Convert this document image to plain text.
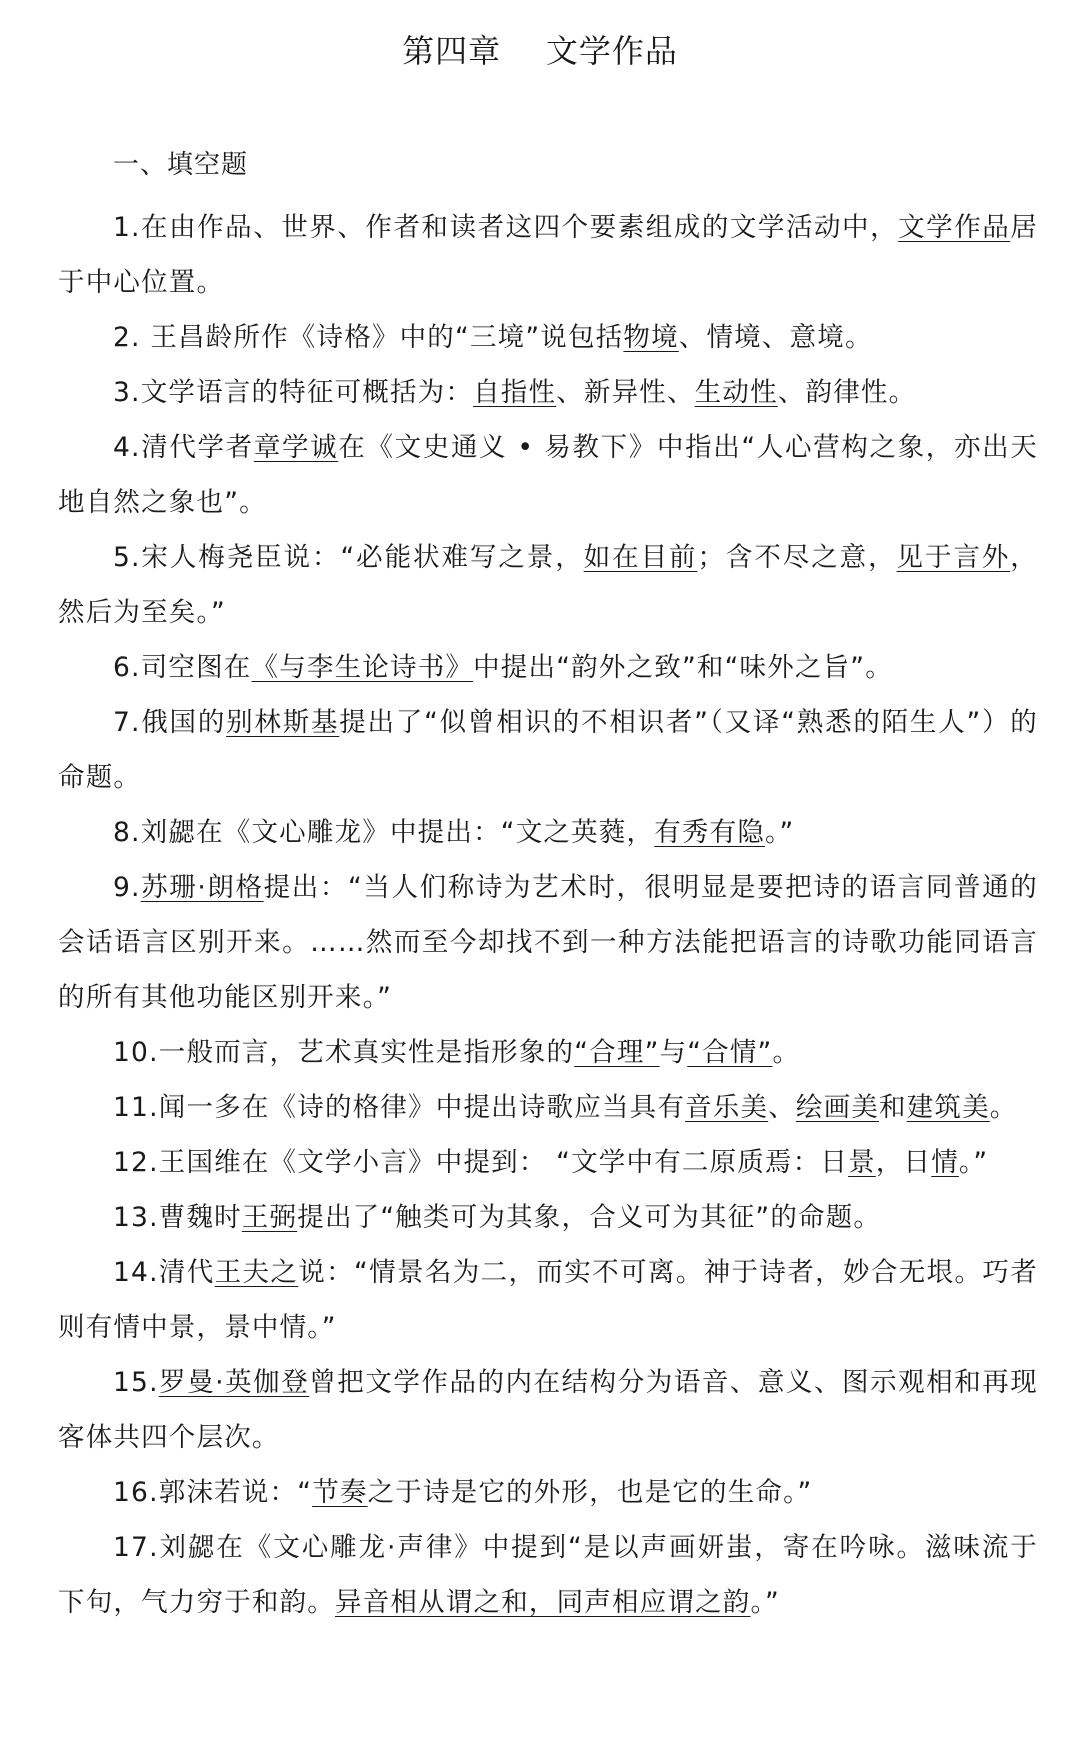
第四章    文学作品
一、填空题

1.在由作品、世界、作者和读者这四个要素组成的文学活动中，文学作品居于中心位置。

2. 王昌龄所作《诗格》中的“三境”说包括物境、情境、意境。

3.文学语言的特征可概括为：自指性、新异性、生动性、韵律性。

4.清代学者章学诚在《文史通义 • 易教下》中指出“人心营构之象，亦出天地自然之象也”。

5.宋人梅尧臣说：“必能状难写之景，如在目前；含不尽之意，见于言外，然后为至矣。”

6.司空图在《与李生论诗书》中提出“韵外之致”和“味外之旨”。

7.俄国的别林斯基提出了“似曾相识的不相识者”（又译“熟悉的陌生人”）的命题。

8.刘勰在《文心雕龙》中提出：“文之英蕤，有秀有隐。”

9.苏珊·朗格提出：“当人们称诗为艺术时，很明显是要把诗的语言同普通的会话语言区别开来。……然而至今却找不到一种方法能把语言的诗歌功能同语言的所有其他功能区别开来。”

10.一般而言，艺术真实性是指形象的“合理”与“合情”。

11.闻一多在《诗的格律》中提出诗歌应当具有音乐美、绘画美和建筑美。

12.王国维在《文学小言》中提到： “文学中有二原质焉：日景，日情。”

13.曹魏时王弼提出了“触类可为其象，合义可为其征”的命题。

14.清代王夫之说：“情景名为二，而实不可离。神于诗者，妙合无垠。巧者则有情中景，景中情。”

15.罗曼·英伽登曾把文学作品的内在结构分为语音、意义、图示观相和再现客体共四个层次。

16.郭沫若说：“节奏之于诗是它的外形，也是它的生命。”

17.刘勰在《文心雕龙·声律》中提到“是以声画妍蚩，寄在吟咏。滋味流于下句，气力穷于和韵。异音相从谓之和，同声相应谓之韵。”
